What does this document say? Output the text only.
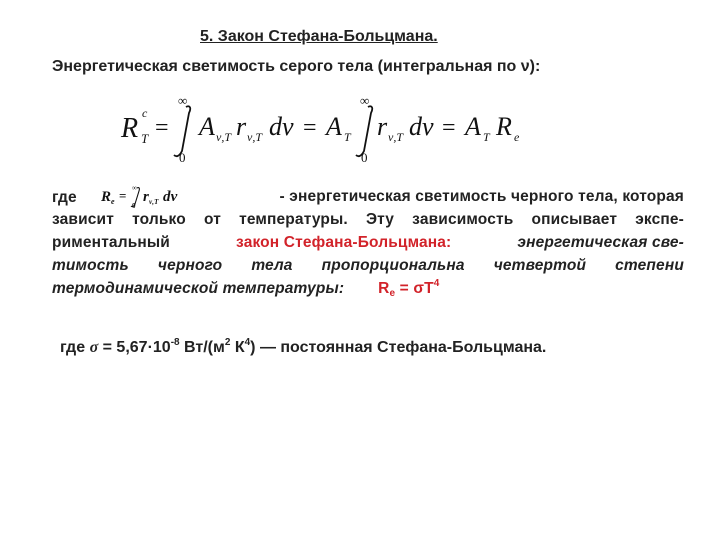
5. Закон Стефана-Больцмана.
Энергетическая светимость серого тела (интегральная по ν):
R c
T =
∞
0
A ν,T r ν,T dν = A T
∞
0
r ν,T dν = A T R e
где R e = ∞
0
r ν,T dν	- энергетическая светимость черного тела, которая
зависит только от температуры. Эту зависимость описывает экспе-
риментальный	закон Стефана-Больцмана:	энергетическая све-
тимость черного тела пропорциональна четвертой степени
термодинамической температуры: $R_e = \sigma T^4$
где $\sigma = 5,67\cdot 10^{-8}$ $Вт/(м^2$ $К^4$) — постоянная Стефана-Больцмана.
